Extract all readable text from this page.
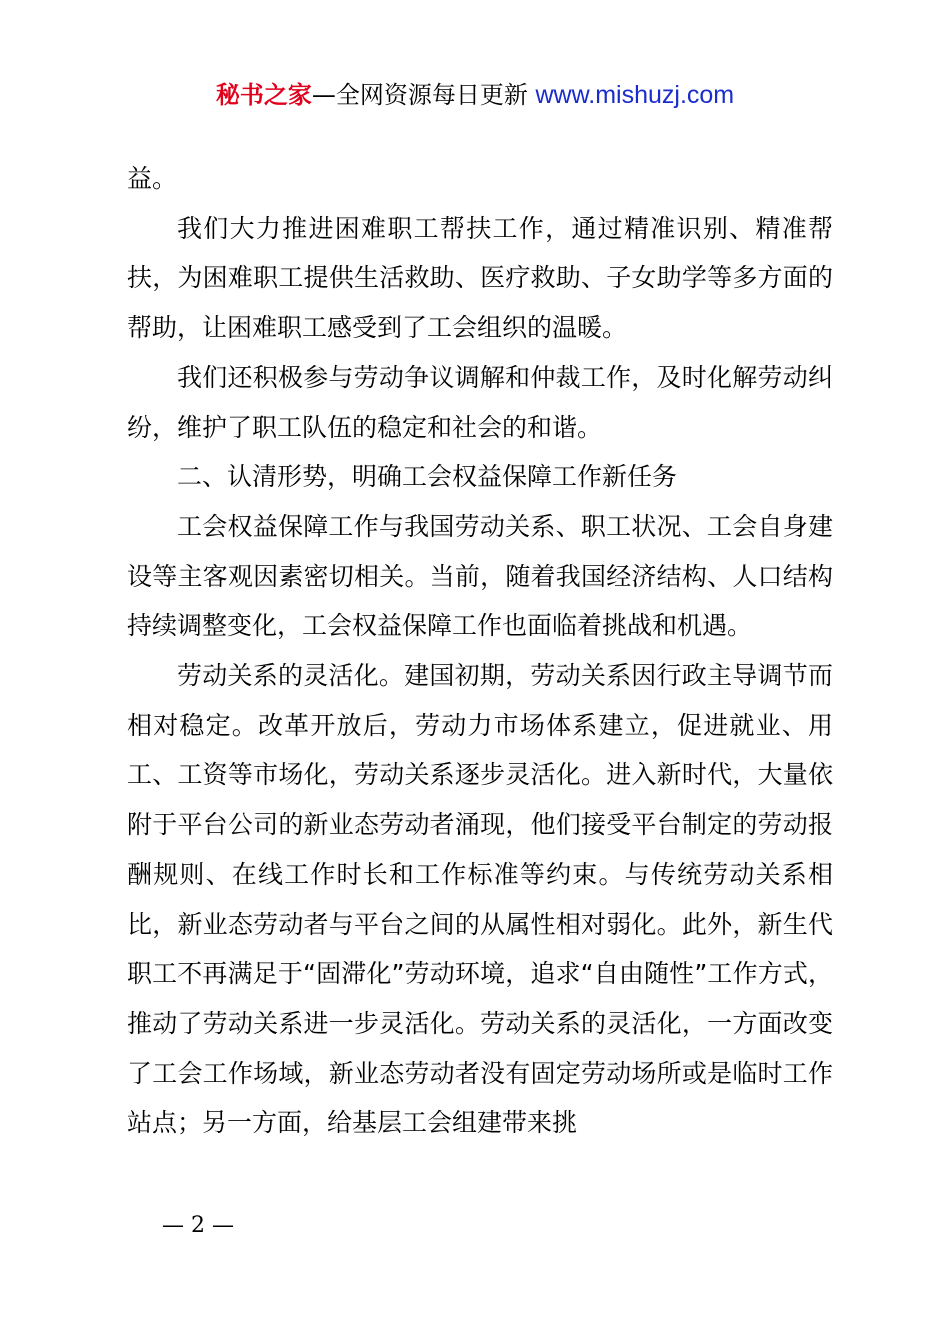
秘书之家—全网资源每日更新 www.mishuzj.com

益。

我们大力推进困难职工帮扶工作，通过精准识别、精准帮扶，为困难职工提供生活救助、医疗救助、子女助学等多方面的帮助，让困难职工感受到了工会组织的温暖。

我们还积极参与劳动争议调解和仲裁工作，及时化解劳动纠纷，维护了职工队伍的稳定和社会的和谐。

二、认清形势，明确工会权益保障工作新任务

工会权益保障工作与我国劳动关系、职工状况、工会自身建设等主客观因素密切相关。当前，随着我国经济结构、人口结构持续调整变化，工会权益保障工作也面临着挑战和机遇。

劳动关系的灵活化。建国初期，劳动关系因行政主导调节而相对稳定。改革开放后，劳动力市场体系建立，促进就业、用工、工资等市场化，劳动关系逐步灵活化。进入新时代，大量依附于平台公司的新业态劳动者涌现，他们接受平台制定的劳动报酬规则、在线工作时长和工作标准等约束。与传统劳动关系相比，新业态劳动者与平台之间的从属性相对弱化。此外，新生代职工不再满足于“固滞化”劳动环境，追求“自由随性”工作方式，推动了劳动关系进一步灵活化。劳动关系的灵活化，一方面改变了工会工作场域，新业态劳动者没有固定劳动场所或是临时工作站点；另一方面，给基层工会组建带来挑

— 2 —
